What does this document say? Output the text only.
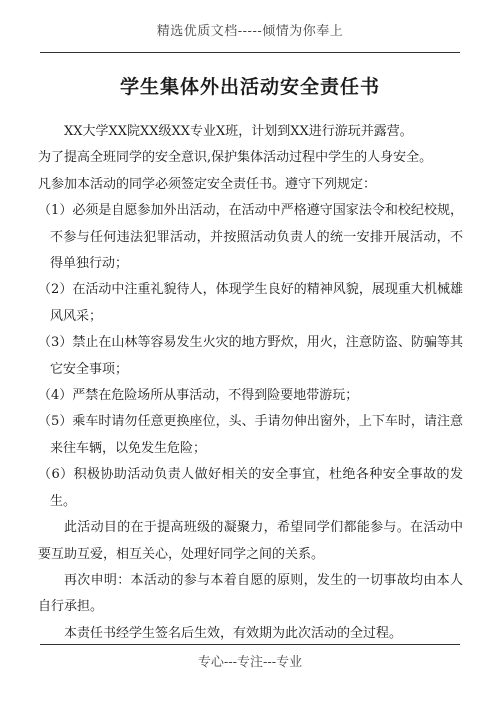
精选优质文档-----倾情为你奉上
学生集体外出活动安全责任书

XX大学XX院XX级XX专业X班，计划到XX进行游玩并露营。

为了提高全班同学的安全意识,保护集体活动过程中学生的人身安全。

凡参加本活动的同学必须签定安全责任书。遵守下列规定：

（1）必须是自愿参加外出活动，在活动中严格遵守国家法令和校纪校规，不参与任何违法犯罪活动，并按照活动负责人的统一安排开展活动，不得单独行动；

（2）在活动中注重礼貌待人，体现学生良好的精神风貌，展现重大机械雄风风采；

（3）禁止在山林等容易发生火灾的地方野炊，用火，注意防盗、防骗等其它安全事项；

（4）严禁在危险场所从事活动，不得到险要地带游玩；

（5）乘车时请勿任意更换座位，头、手请勿伸出窗外，上下车时，请注意来往车辆，以免发生危险；

（6）积极协助活动负责人做好相关的安全事宜，杜绝各种安全事故的发生。

此活动目的在于提高班级的凝聚力，希望同学们都能参与。在活动中要互助互爱，相互关心，处理好同学之间的关系。

再次申明：本活动的参与本着自愿的原则，发生的一切事故均由本人自行承担。

本责任书经学生签名后生效，有效期为此次活动的全过程。

专心---专注---专业
